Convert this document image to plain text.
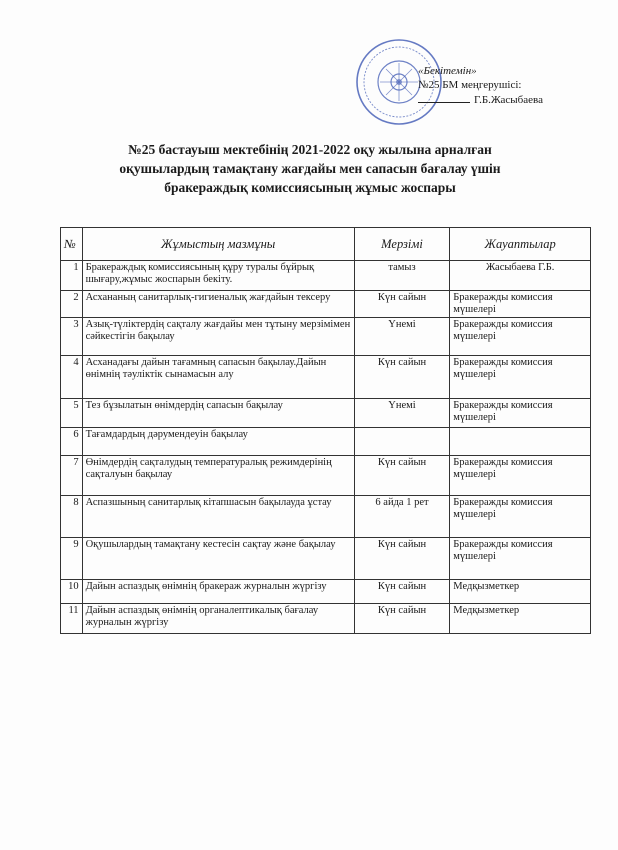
«Бекітемін»
№25 БМ меңгерушісі:
Г.Б.Жасыбаева
№25 бастауыш мектебінің 2021-2022 оқу жылына арналған
оқушылардың тамақтану жағдайы мен сапасын бағалау үшін
бракераждық комиссиясының жұмыс жоспары
№	Жұмыстың мазмұны	Мерзімі	Жауаптылар
1	Бракераждық комиссиясының құру туралы бұйрық шығару,жұмыс жоспарын бекіту.	тамыз	Жасыбаева Г.Б.
2	Асхананың санитарлық-гигиеналық жағдайын тексеру	Күн сайын	Бракеражды комиссия мүшелері
3	Азық-түліктердің сақталу жағдайы мен тұтыну мерзімімен сәйкестігін бақылау	Үнемі	Бракеражды комиссия мүшелері
4	Асханадағы дайын тағамның сапасын бақылау.Дайын өнімнің тәуліктік сынамасын алу	Күн сайын	Бракеражды комиссия мүшелері
5	Тез бұзылатын өнімдердің сапасын бақылау	Үнемі	Бракеражды комиссия мүшелері
6	Тағамдардың дәрумендеуін бақылау		
7	Өнімдердің сақталудың температуралық режимдерінің сақталуын бақылау	Күн сайын	Бракеражды комиссия мүшелері
8	Аспазшының санитарлық кітапшасын бақылауда ұстау	6 айда 1 рет	Бракеражды комиссия мүшелері
9	Оқушылардың тамақтану кестесін сақтау және бақылау	Күн сайын	Бракеражды комиссия мүшелері
10	Дайын аспаздық өнімнің бракераж журналын жүргізу	Күн сайын	Медқызметкер
11	Дайын аспаздық өнімнің органалептикалық бағалау журналын жүргізу	Күн сайын	Медқызметкер
